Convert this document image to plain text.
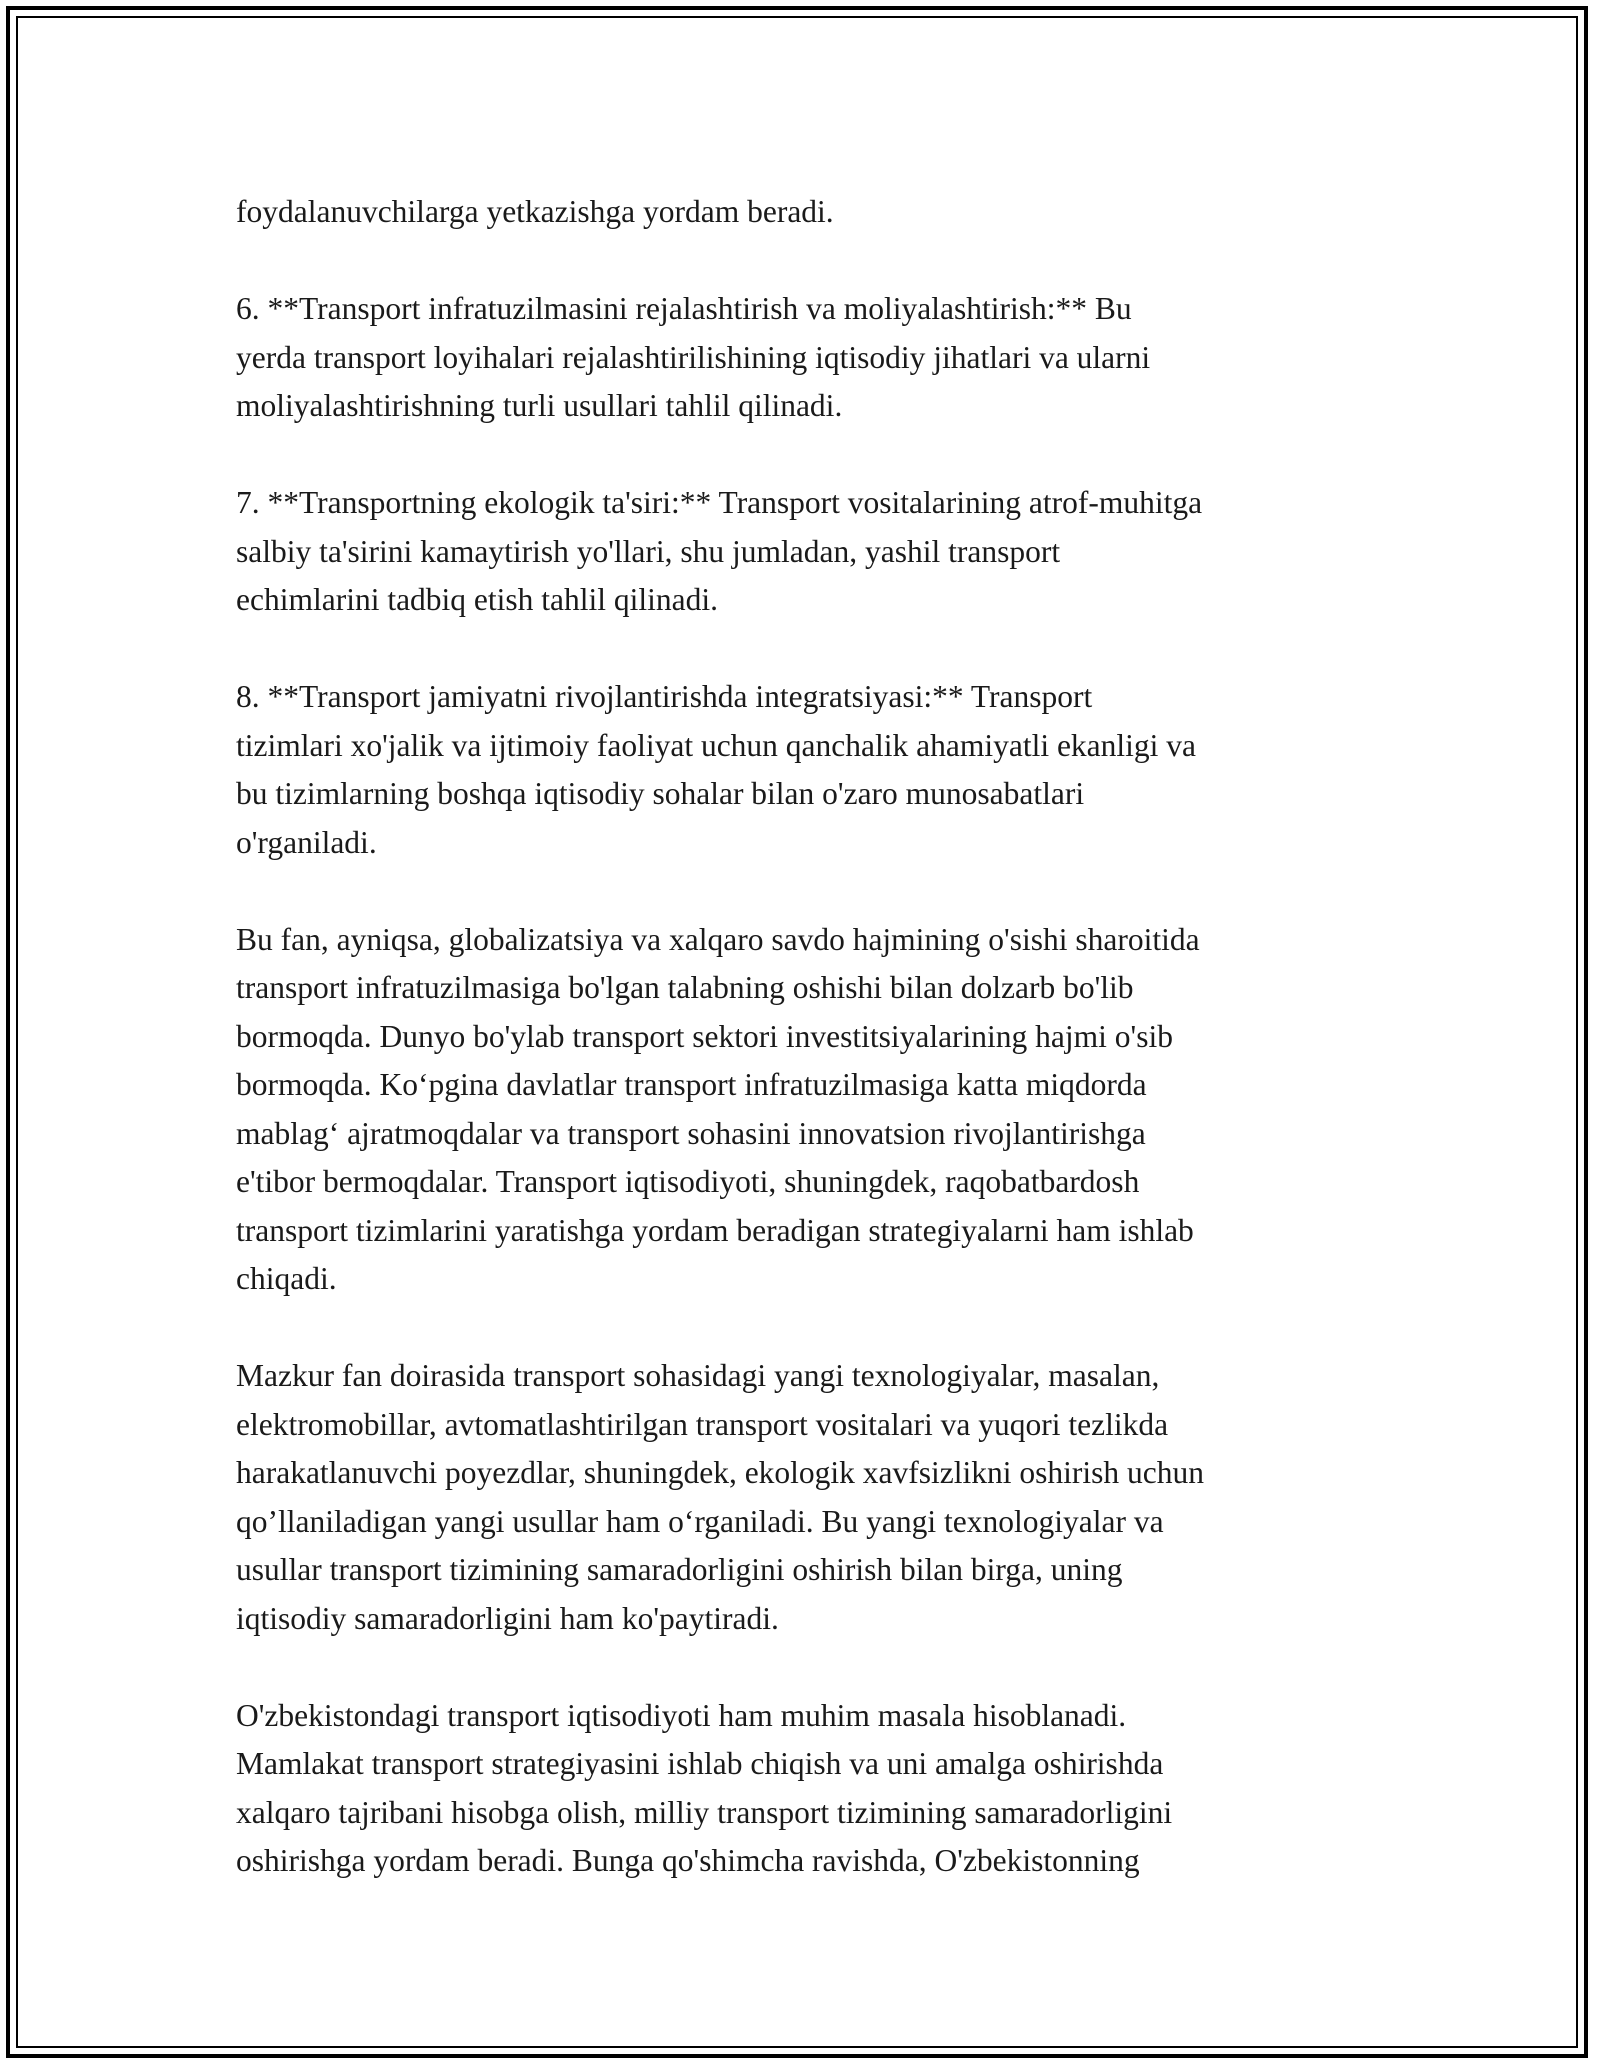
foydalanuvchilarga yetkazishga yordam beradi.

6. **Transport infratuzilmasini rejalashtirish va moliyalashtirish:** Bu
yerda transport loyihalari rejalashtirilishining iqtisodiy jihatlari va ularni
moliyalashtirishning turli usullari tahlil qilinadi.

7. **Transportning ekologik ta'siri:** Transport vositalarining atrof-muhitga
salbiy ta'sirini kamaytirish yo'llari, shu jumladan, yashil transport
echimlarini tadbiq etish tahlil qilinadi.

8. **Transport jamiyatni rivojlantirishda integratsiyasi:** Transport
tizimlari xo'jalik va ijtimoiy faoliyat uchun qanchalik ahamiyatli ekanligi va
bu tizimlarning boshqa iqtisodiy sohalar bilan o'zaro munosabatlari
o'rganiladi.

Bu fan, ayniqsa, globalizatsiya va xalqaro savdo hajmining o'sishi sharoitida
transport infratuzilmasiga bo'lgan talabning oshishi bilan dolzarb bo'lib
bormoqda. Dunyo bo'ylab transport sektori investitsiyalarining hajmi o'sib
bormoqda. Ko‘pgina davlatlar transport infratuzilmasiga katta miqdorda
mablag‘ ajratmoqdalar va transport sohasini innovatsion rivojlantirishga
e'tibor bermoqdalar. Transport iqtisodiyoti, shuningdek, raqobatbardosh
transport tizimlarini yaratishga yordam beradigan strategiyalarni ham ishlab
chiqadi.

Mazkur fan doirasida transport sohasidagi yangi texnologiyalar, masalan,
elektromobillar, avtomatlashtirilgan transport vositalari va yuqori tezlikda
harakatlanuvchi poyezdlar, shuningdek, ekologik xavfsizlikni oshirish uchun
qo’llaniladigan yangi usullar ham o‘rganiladi. Bu yangi texnologiyalar va
usullar transport tizimining samaradorligini oshirish bilan birga, uning
iqtisodiy samaradorligini ham ko'paytiradi.

O'zbekistondagi transport iqtisodiyoti ham muhim masala hisoblanadi.
Mamlakat transport strategiyasini ishlab chiqish va uni amalga oshirishda
xalqaro tajribani hisobga olish, milliy transport tizimining samaradorligini
oshirishga yordam beradi. Bunga qo'shimcha ravishda, O'zbekistonning
